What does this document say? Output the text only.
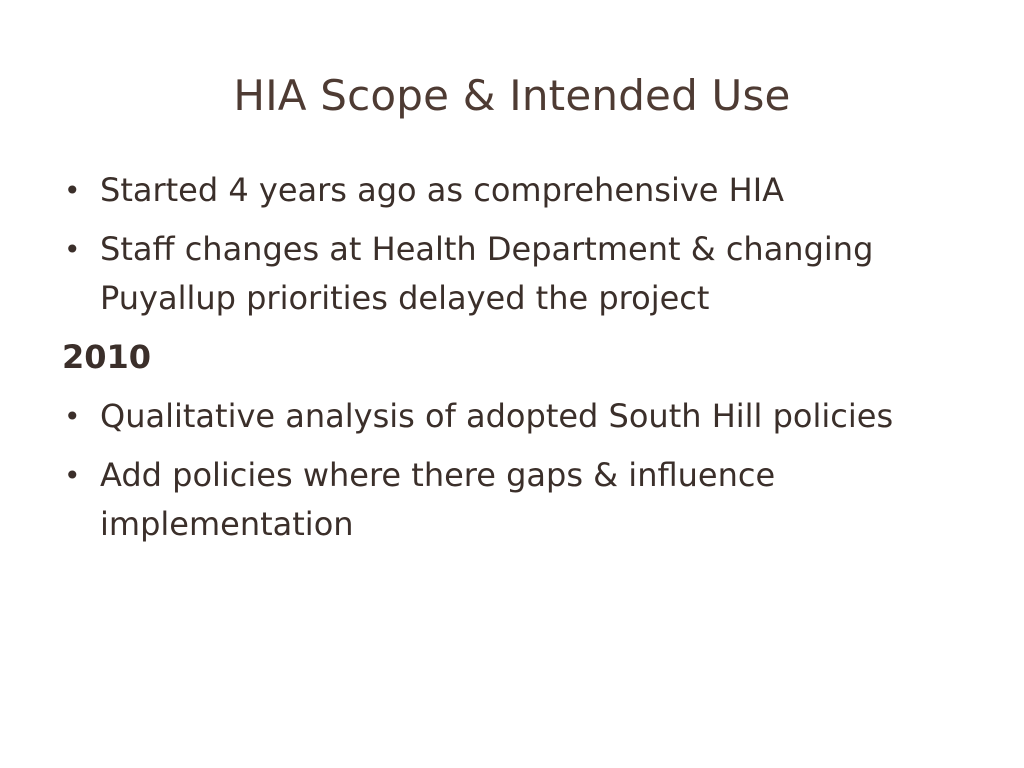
HIA Scope & Intended Use
• Started 4 years ago as comprehensive HIA
• Staff changes at Health Department & changing Puyallup priorities delayed the project
2010
• Qualitative analysis of adopted South Hill policies
• Add policies where there gaps & influence implementation
